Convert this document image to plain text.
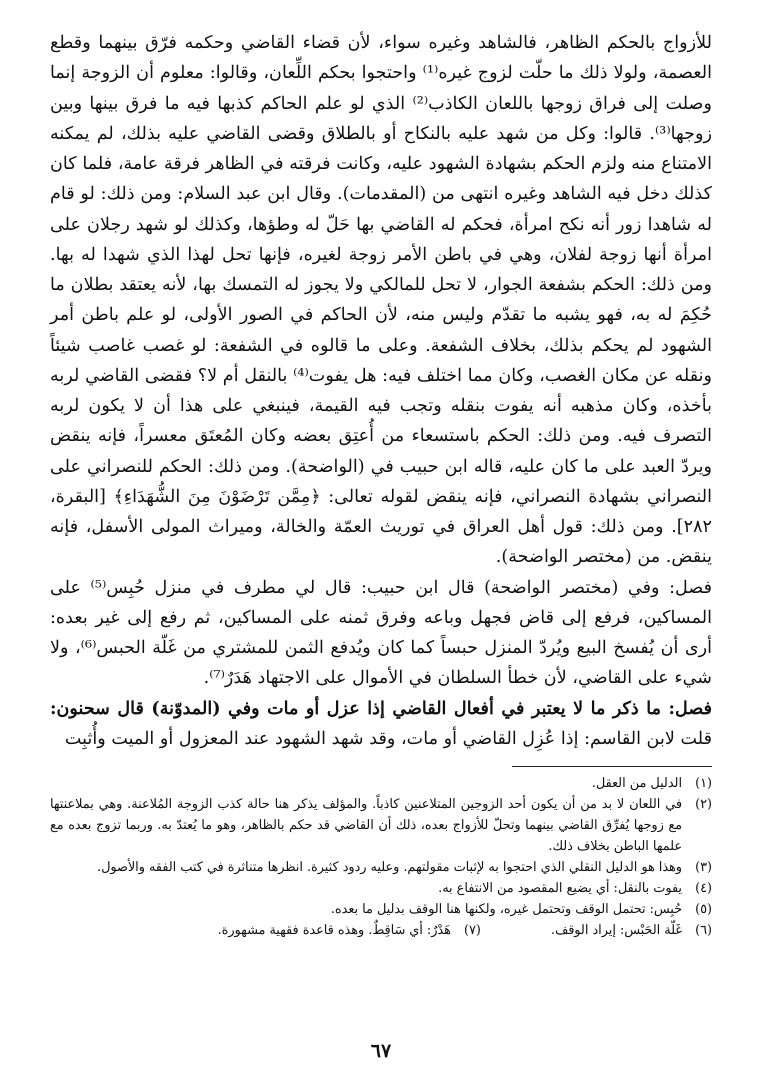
للأزواج بالحكم الظاهر، فالشاهد وغيره سواء، لأن قضاء القاضي وحكمه فرّق بينهما وقطع العصمة، ولولا ذلك ما حلّت لزوج غيره⁽¹⁾ واحتجوا بحكم اللِّعان، وقالوا: معلوم أن الزوجة إنما وصلت إلى فراق زوجها باللعان الكاذب⁽²⁾ الذي لو علم الحاكم كذبها فيه ما فرق بينها وبين زوجها⁽³⁾. قالوا: وكل من شهد عليه بالنكاح أو بالطلاق وقضى القاضي عليه بذلك، لم يمكنه الامتناع منه ولزم الحكم بشهادة الشهود عليه، وكانت فرقته في الظاهر فرقة عامة، فلما كان كذلك دخل فيه الشاهد وغيره انتهى من (المقدمات). وقال ابن عبد السلام: ومن ذلك: لو قام له شاهدا زور أنه نكح امرأة، فحكم له القاضي بها حَلّ له وطؤها، وكذلك لو شهد رجلان على امرأة أنها زوجة لفلان، وهي في باطن الأمر زوجة لغيره، فإنها تحل لهذا الذي شهدا له بها. ومن ذلك: الحكم بشفعة الجوار، لا تحل للمالكي ولا يجوز له التمسك بها، لأنه يعتقد بطلان ما حُكِمَ له به، فهو يشبه ما تقدّم وليس منه، لأن الحاكم في الصور الأولى، لو علم باطن أمر الشهود لم يحكم بذلك، بخلاف الشفعة. وعلى ما قالوه في الشفعة: لو غصب غاصب شيئاً ونقله عن مكان الغصب، وكان مما اختلف فيه: هل يفوت⁽⁴⁾ بالنقل أم لا؟ فقضى القاضي لربه بأخذه، وكان مذهبه أنه يفوت بنقله وتجب فيه القيمة، فينبغي على هذا أن لا يكون لربه التصرف فيه. ومن ذلك: الحكم باستسعاء من أُعتِق بعضه وكان المُعتَق معسراً، فإنه ينقض ويردّ العبد على ما كان عليه، قاله ابن حبيب في (الواضحة). ومن ذلك: الحكم للنصراني على النصراني بشهادة النصراني، فإنه ينقض لقوله تعالى: ﴿مِمَّن تَرْضَوْنَ مِنَ الشُّهَدَاءِ﴾ [البقرة، ٢٨٢]. ومن ذلك: قول أهل العراق في توريث العمّة والخالة، وميراث المولى الأسفل، فإنه ينقض. من (مختصر الواضحة).

فصل: وفي (مختصر الواضحة) قال ابن حبيب: قال لي مطرف في منزل حُبِس⁽⁵⁾ على المساكين، فرفع إلى قاض فجهل وباعه وفرق ثمنه على المساكين، ثم رفع إلى غير بعده: أرى أن يُفسخ البيع ويُردّ المنزل حبساً كما كان ويُدفع الثمن للمشتري من غَلّة الحبس⁽⁶⁾، ولا شيء على القاضي، لأن خطأ السلطان في الأموال على الاجتهاد هَدَرٌ⁽⁷⁾.

فصل: ما ذكر ما لا يعتبر في أفعال القاضي إذا عزل أو مات وفي (المدوّنة) قال سحنون: قلت لابن القاسم: إذا عُزِل القاضي أو مات، وقد شهد الشهود عند المعزول أو الميت وأُثبِت

(١)
الدليل من العقل.
(٢)
في اللعان لا بد من أن يكون أحد الزوجين المتلاعنين كاذباً. والمؤلف يذكر هنا حالة كذب الزوجة المُلاعنة. وهي بملاعنتها مع زوجها يُفرِّق القاضي بينهما وتحلّ للأزواج بعده، ذلك أن القاضي قد حكم بالظاهر، وهو ما يُعتدّ به. وربما تزوج بعده مع علمها الباطن بخلاف ذلك.
(٣)
وهذا هو الدليل النقلي الذي احتجوا به لإثبات مقولتهم. وعليه ردود كثيرة. انظرها متناثرة في كتب الفقه والأصول.
(٤)
يفوت بالنقل: أي يضيع المقصود من الانتفاع به.
(٥)
حُبِس: تحتمل الوقف وتحتمل غيره، ولكنها هنا الوقف بدليل ما بعده.
(٦)
غَلّة الحَبْس: إيراد الوقف.
(٧)
هَدْرٌ: أي سَاقِطٌ. وهذه قاعدة فقهية مشهورة.
٦٧
